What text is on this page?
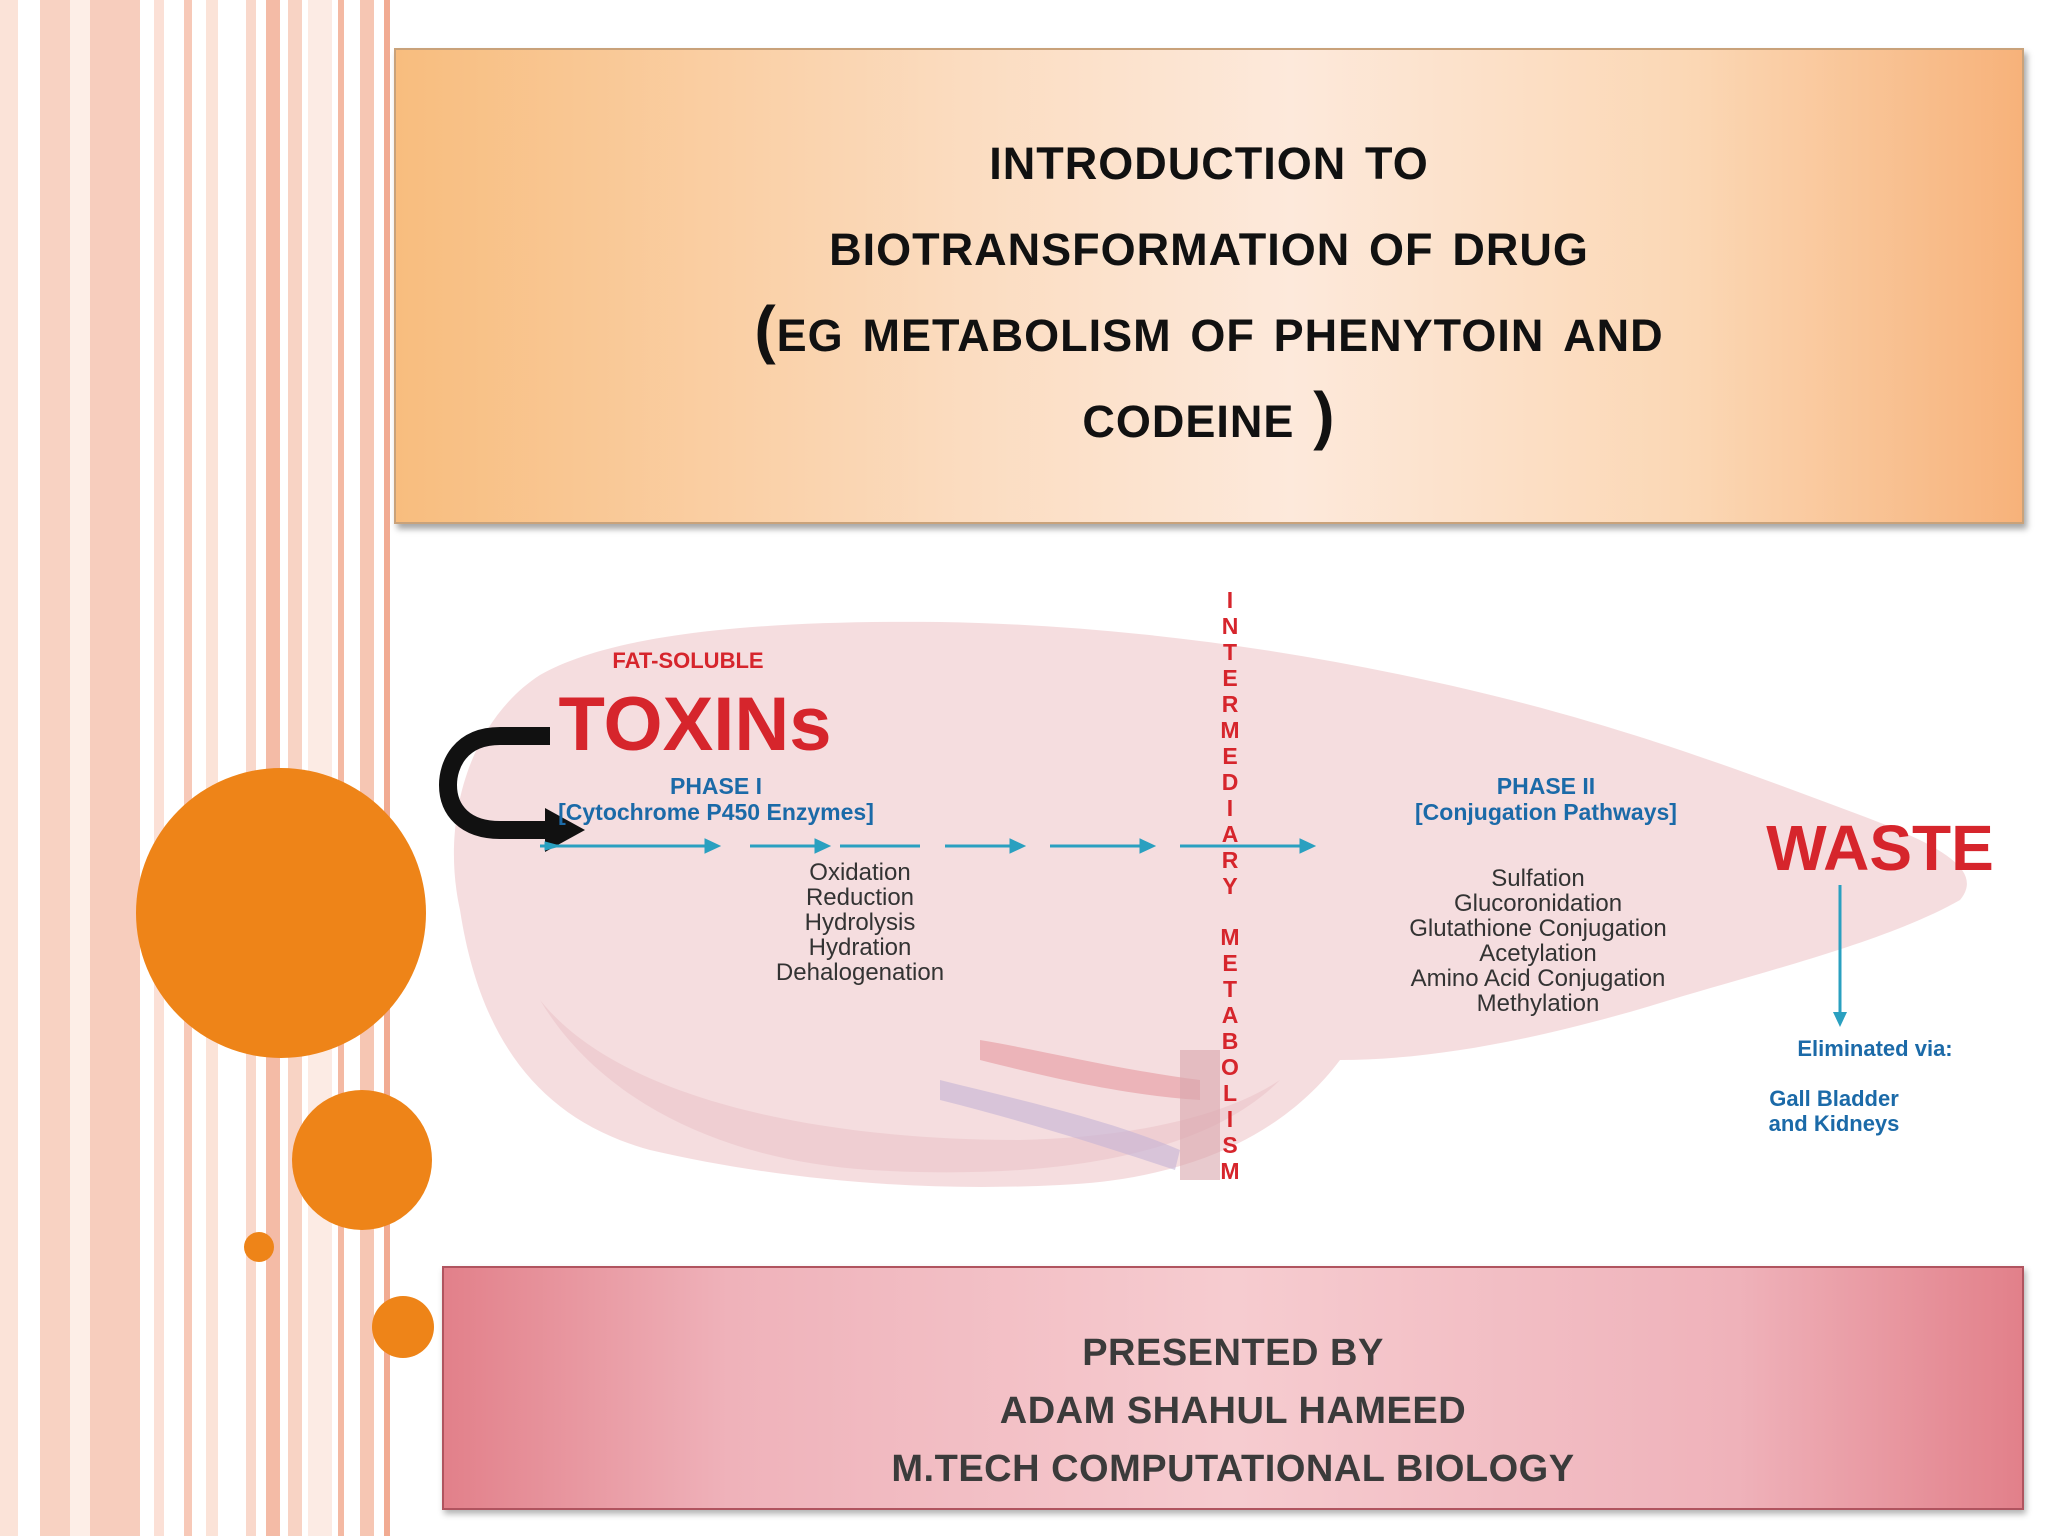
introduction to
biotransformation of drug
(eg metabolism of phenytoin and
codeine )
FAT-SOLUBLE
TOXINs
PHASE I
[Cytochrome P450 Enzymes]
Oxidation
Reduction
Hydrolysis
Hydration
Dehalogenation
I N T E R M E D I A R Y M E T A B O L I S M
PHASE II
[Conjugation Pathways]
Sulfation
Glucoronidation
Glutathione Conjugation
Acetylation
Amino Acid Conjugation
Methylation
WASTE
Eliminated via:
Gall Bladder
and Kidneys
PRESENTED BY
ADAM SHAHUL HAMEED
M.TECH COMPUTATIONAL BIOLOGY
